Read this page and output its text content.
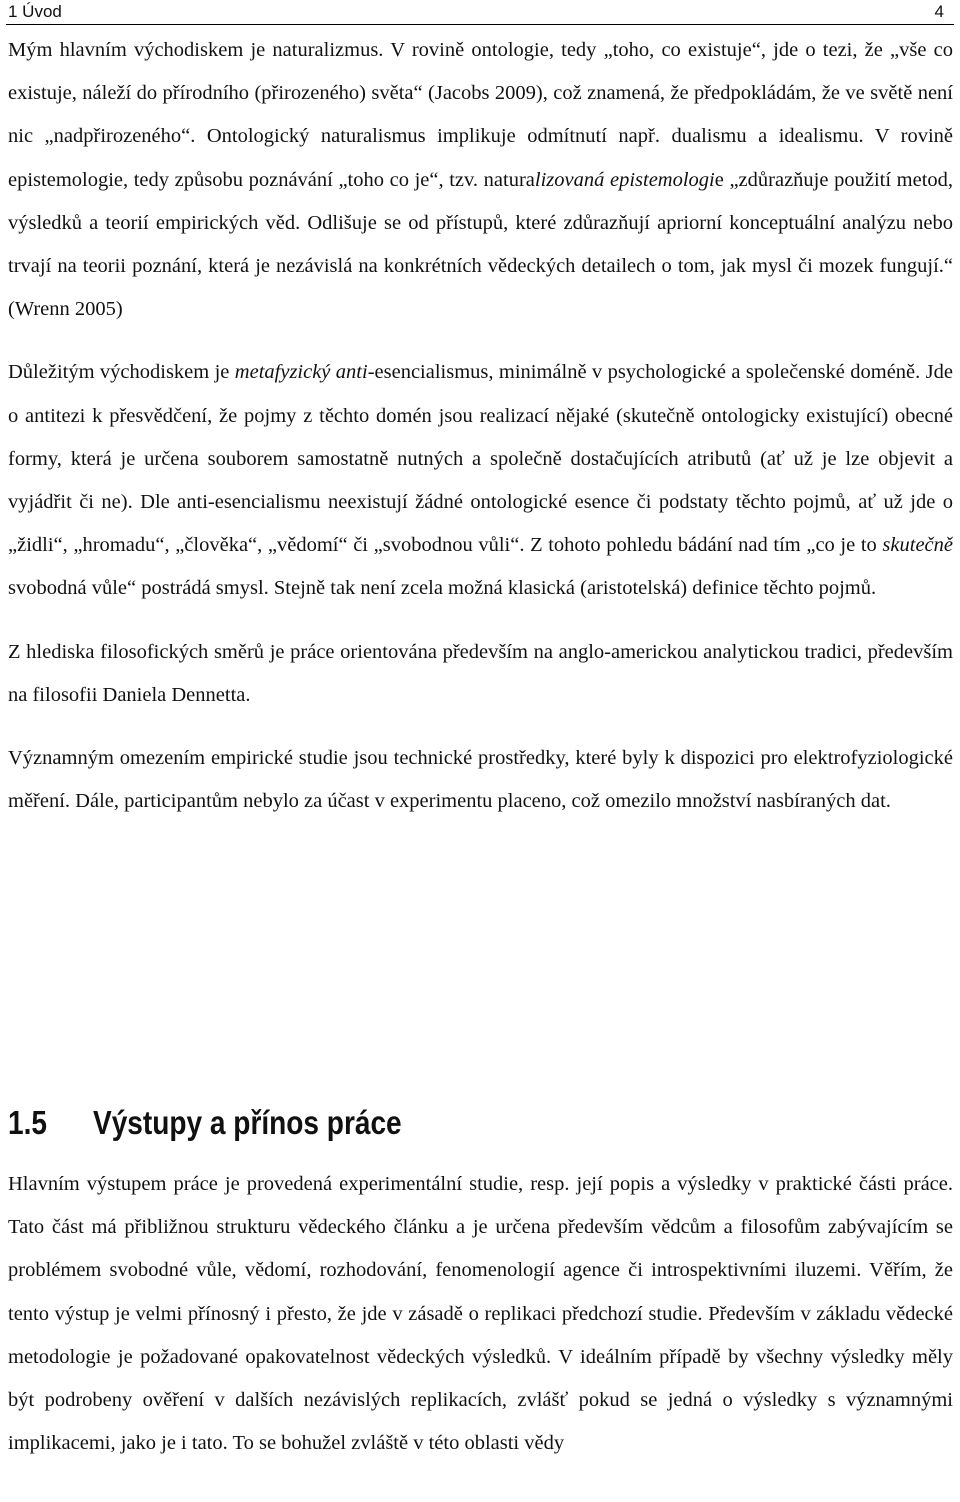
1 Úvod	4

Mým hlavním východiskem je naturalizmus. V rovině ontologie, tedy „toho, co existuje“, jde o tezi, že „vše co existuje, náleží do přírodního (přirozeného) světa“ (Jacobs 2009), což znamená, že předpokládám, že ve světě není nic „nadpřirozeného“. Ontologický naturalismus implikuje odmítnutí např. dualismu a idealismu. V rovině epistemologie, tedy způsobu poznávání „toho co je“, tzv. naturalizovaná epistemologie „zdůrazňuje použití metod, výsledků a teorií empirických věd. Odlišuje se od přístupů, které zdůrazňují apriorní konceptuální analýzu nebo trvají na teorii poznání, která je nezávislá na konkrétních vědeckých detailech o tom, jak mysl či mozek fungují.“ (Wrenn 2005)

Důležitým východiskem je metafyzický anti-esencialismus, minimálně v psychologické a společenské doméně. Jde o antitezi k přesvědčení, že pojmy z těchto domén jsou realizací nějaké (skutečně ontologicky existující) obecné formy, která je určena souborem samostatně nutných a společně dostačujících atributů (ať už je lze objevit a vyjádřit či ne). Dle anti-esencialismu neexistují žádné ontologické esence či podstaty těchto pojmů, ať už jde o „židli“, „hromadu“, „člověka“, „vědomí“ či „svobodnou vůli“. Z tohoto pohledu bádání nad tím „co je to skutečně svobodná vůle“ postrádá smysl. Stejně tak není zcela možná klasická (aristotelská) definice těchto pojmů.

Z hlediska filosofických směrů je práce orientována především na anglo-americkou analytickou tradici, především na filosofii Daniela Dennetta.

Významným omezením empirické studie jsou technické prostředky, které byly k dispozici pro elektrofyziologické měření. Dále, participantům nebylo za účast v experimentu placeno, což omezilo množství nasbíraných dat.

1.5 Výstupy a přínos práce

Hlavním výstupem práce je provedená experimentální studie, resp. její popis a výsledky v praktické části práce. Tato část má přibližnou strukturu vědeckého článku a je určena především vědcům a filosofům zabývajícím se problémem svobodné vůle, vědomí, rozhodování, fenomenologií agence či introspektivními iluzemi. Věřím, že tento výstup je velmi přínosný i přesto, že jde v zásadě o replikaci předchozí studie. Především v základu vědecké metodologie je požadované opakovatelnost vědeckých výsledků. V ideálním případě by všechny výsledky měly být podrobeny ověření v dalších nezávislých replikacích, zvlášť pokud se jedná o výsledky s významnými implikacemi, jako je i tato. To se bohužel zvláště v této oblasti vědy
